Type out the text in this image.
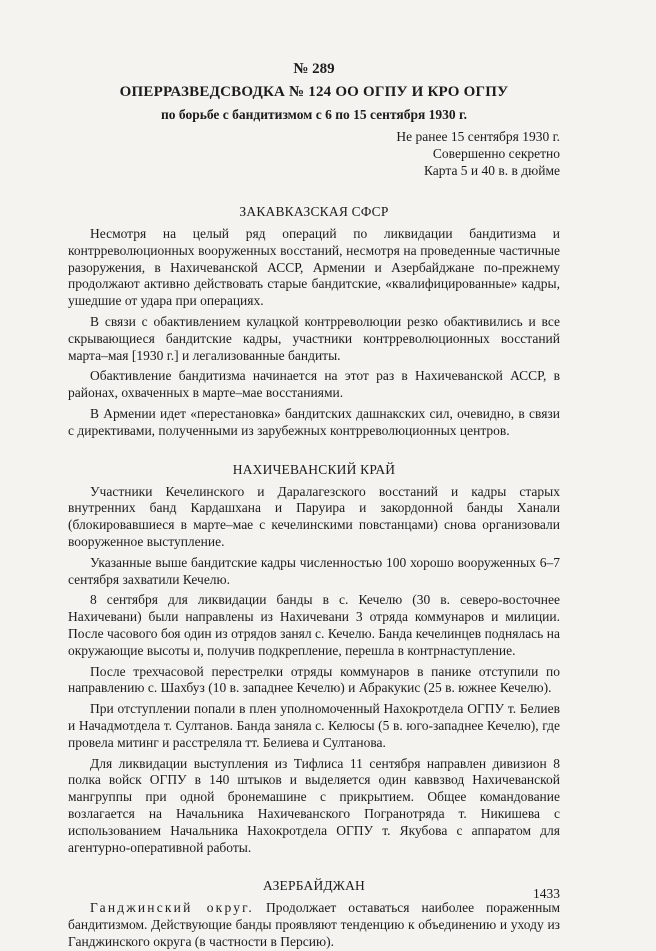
№ 289

ОПЕРРАЗВЕДСВОДКА № 124 ОО ОГПУ И КРО ОГПУ

по борьбе с бандитизмом с 6 по 15 сентября 1930 г.

Не ранее 15 сентября 1930 г.
Совершенно секретно
Карта 5 и 40 в. в дюйме
ЗАКАВКАЗСКАЯ СФСР

Несмотря на целый ряд операций по ликвидации бандитизма и контрреволюционных вооруженных восстаний, несмотря на проведенные частичные разоружения, в Нахичеванской АССР, Армении и Азербайджане по-прежнему продолжают активно действовать старые бандитские, «квалифицированные» кадры, ушедшие от удара при операциях.

В связи с обактивлением кулацкой контрреволюции резко обактивились и все скрывающиеся бандитские кадры, участники контрреволюционных восстаний марта–мая [1930 г.] и легализованные бандиты.

Обактивление бандитизма начинается на этот раз в Нахичеванской АССР, в районах, охваченных в марте–мае восстаниями.

В Армении идет «перестановка» бандитских дашнакских сил, очевидно, в связи с директивами, полученными из зарубежных контрреволюционных центров.

НАХИЧЕВАНСКИЙ КРАЙ

Участники Кечелинского и Даралагезского восстаний и кадры старых внутренних банд Кардашхана и Паруира и закордонной банды Ханали (блокировавшиеся в марте–мае с кечелинскими повстанцами) снова организовали вооруженное выступление.

Указанные выше бандитские кадры численностью 100 хорошо вооруженных 6–7 сентября захватили Кечелю.

8 сентября для ликвидации банды в с. Кечелю (30 в. северо-восточнее Нахичевани) были направлены из Нахичевани 3 отряда коммунаров и милиции. После часового боя один из отрядов занял с. Кечелю. Банда кечелинцев поднялась на окружающие высоты и, получив подкрепление, перешла в контрнаступление.

После трехчасовой перестрелки отряды коммунаров в панике отступили по направлению с. Шахбуз (10 в. западнее Кечелю) и Абракукис (25 в. южнее Кечелю).

При отступлении попали в плен уполномоченный Нахокротдела ОГПУ т. Белиев и Начадмотдела т. Султанов. Банда заняла с. Келюсы (5 в. юго-западнее Кечелю), где провела митинг и расстреляла тт. Белиева и Султанова.

Для ликвидации выступления из Тифлиса 11 сентября направлен дивизион 8 полка войск ОГПУ в 140 штыков и выделяется один каввзвод Нахичеванской мангруппы при одной бронемашине с прикрытием. Общее командование возлагается на Начальника Нахичеванского Погранотряда т. Никишева с использованием Начальника Нахокротдела ОГПУ т. Якубова с аппаратом для агентурно-оперативной работы.

АЗЕРБАЙДЖАН

Ганджинский округ. Продолжает оставаться наиболее пораженным бандитизмом. Действующие банды проявляют тенденцию к объединению и уходу из Ганджинского округа (в частности в Персию).

1433
